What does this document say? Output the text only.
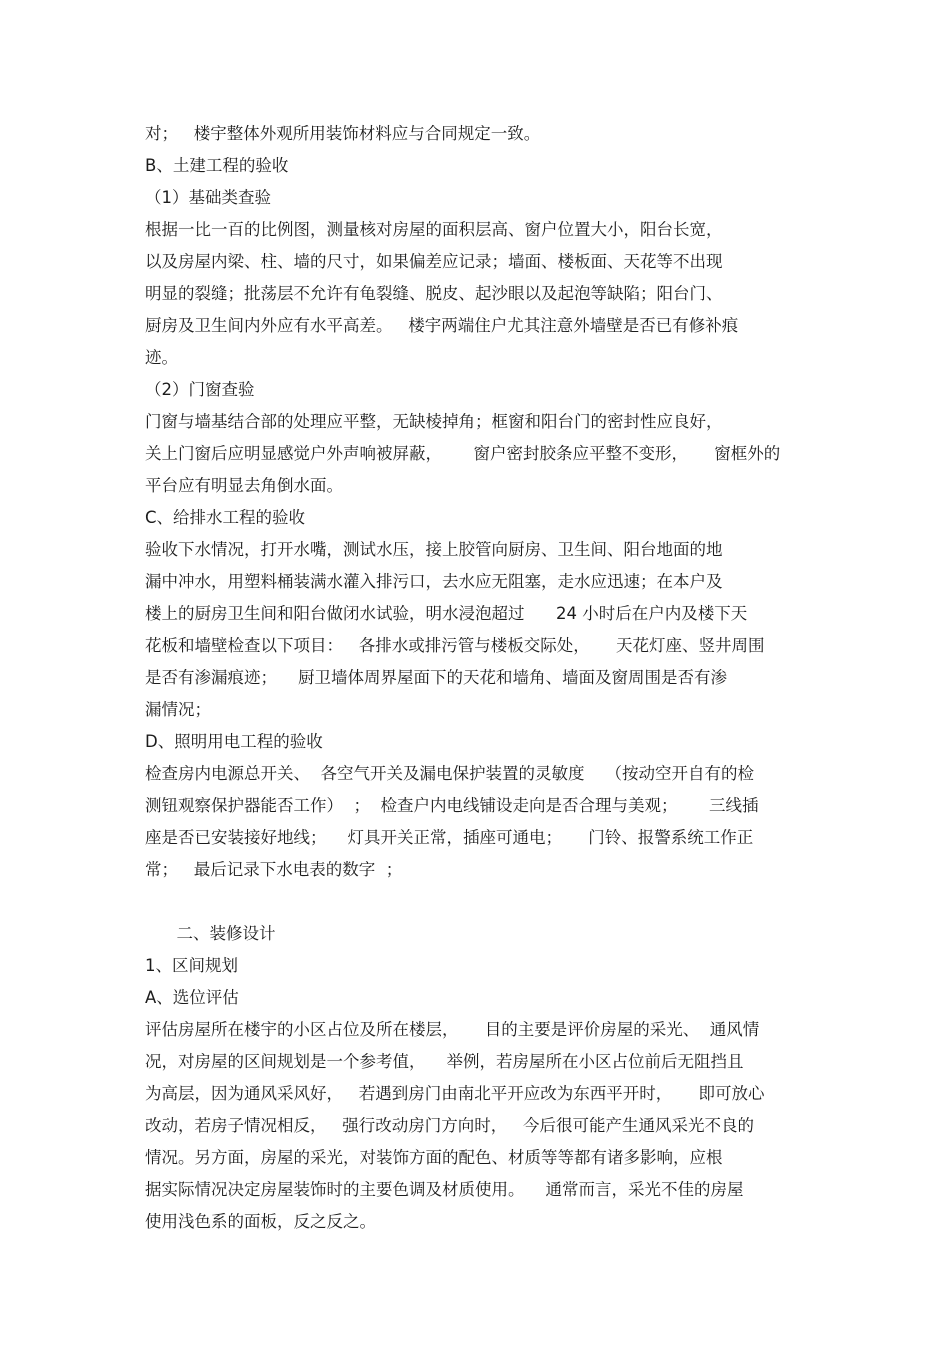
对；   楼宇整体外观所用装饰材料应与合同规定一致。
B、土建工程的验收
（1）基础类查验
根据一比一百的比例图，测量核对房屋的面积层高、窗户位置大小，阳台长宽，
以及房屋内梁、柱、墙的尺寸，如果偏差应记录；墙面、楼板面、天花等不出现
明显的裂缝；批荡层不允许有龟裂缝、脱皮、起沙眼以及起泡等缺陷；阳台门、
厨房及卫生间内外应有水平高差。   楼宇两端住户尤其注意外墙壁是否已有修补痕
迹。
（2）门窗查验
门窗与墙基结合部的处理应平整，无缺棱掉角；框窗和阳台门的密封性应良好，
关上门窗后应明显感觉户外声响被屏蔽，      窗户密封胶条应平整不变形，     窗框外的
平台应有明显去角倒水面。
C、给排水工程的验收
验收下水情况，打开水嘴，测试水压，接上胶管向厨房、卫生间、阳台地面的地
漏中冲水，用塑料桶装满水灌入排污口，去水应无阻塞，走水应迅速；在本户及
楼上的厨房卫生间和阳台做闭水试验，明水浸泡超过      24 小时后在户内及楼下天
花板和墙壁检查以下项目：   各排水或排污管与楼板交际处，     天花灯座、竖井周围
是否有渗漏痕迹；    厨卫墙体周界屋面下的天花和墙角、墙面及窗周围是否有渗
漏情况；
D、照明用电工程的验收
检查房内电源总开关、  各空气开关及漏电保护装置的灵敏度    （按动空开自有的检
测钮观察保护器能否工作）  ；  检查户内电线铺设走向是否合理与美观；      三线插
座是否已安装接好地线；    灯具开关正常，插座可通电；     门铃、报警系统工作正
常；   最后记录下水电表的数字  ；
二、装修设计
1、区间规划
A、选位评估
评估房屋所在楼宇的小区占位及所在楼层，     目的主要是评价房屋的采光、  通风情
况，对房屋的区间规划是一个参考值，    举例，若房屋所在小区占位前后无阻挡且
为高层，因为通风采风好，   若遇到房门由南北平开应改为东西平开时，     即可放心
改动，若房子情况相反，   强行改动房门方向时，   今后很可能产生通风采光不良的
情况。另方面，房屋的采光，对装饰方面的配色、材质等等都有诸多影响，应根
据实际情况决定房屋装饰时的主要色调及材质使用。    通常而言，采光不佳的房屋
使用浅色系的面板，反之反之。
